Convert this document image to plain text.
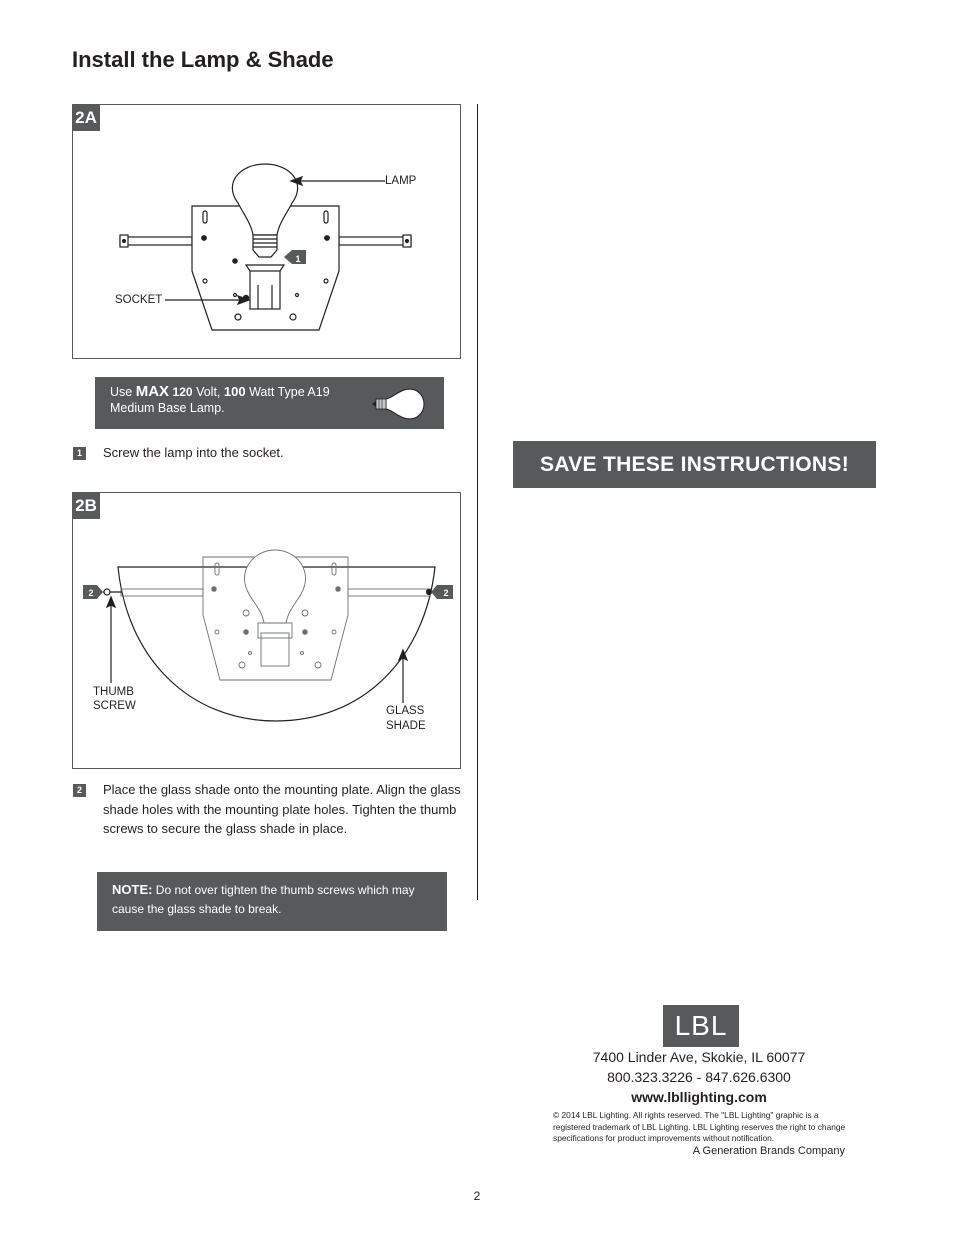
Install the Lamp & Shade
2A
1
LAMP
SOCKET
Use MAX 120 Volt, 100 Watt Type A19
Medium Base Lamp.
1	Screw the lamp into the socket.
2B
2	2
THUMB
SCREW	GLASS
SHADE
2	Place the glass shade onto the mounting plate. Align the glass
shade holes with the mounting plate holes. Tighten the thumb
screws to secure the glass shade in place.
NOTE: Do not over tighten the thumb screws which may cause the glass shade to break.
SAVE THESE INSTRUCTIONS!
LBL
7400 Linder Ave, Skokie, IL 60077
800.323.3226 - 847.626.6300
www.lbllighting.com
© 2014 LBL Lighting. All rights reserved. The "LBL Lighting" graphic is a registered trademark of LBL Lighting. LBL Lighting reserves the right to change specifications for product improvements without notification.
A Generation Brands Company
2
